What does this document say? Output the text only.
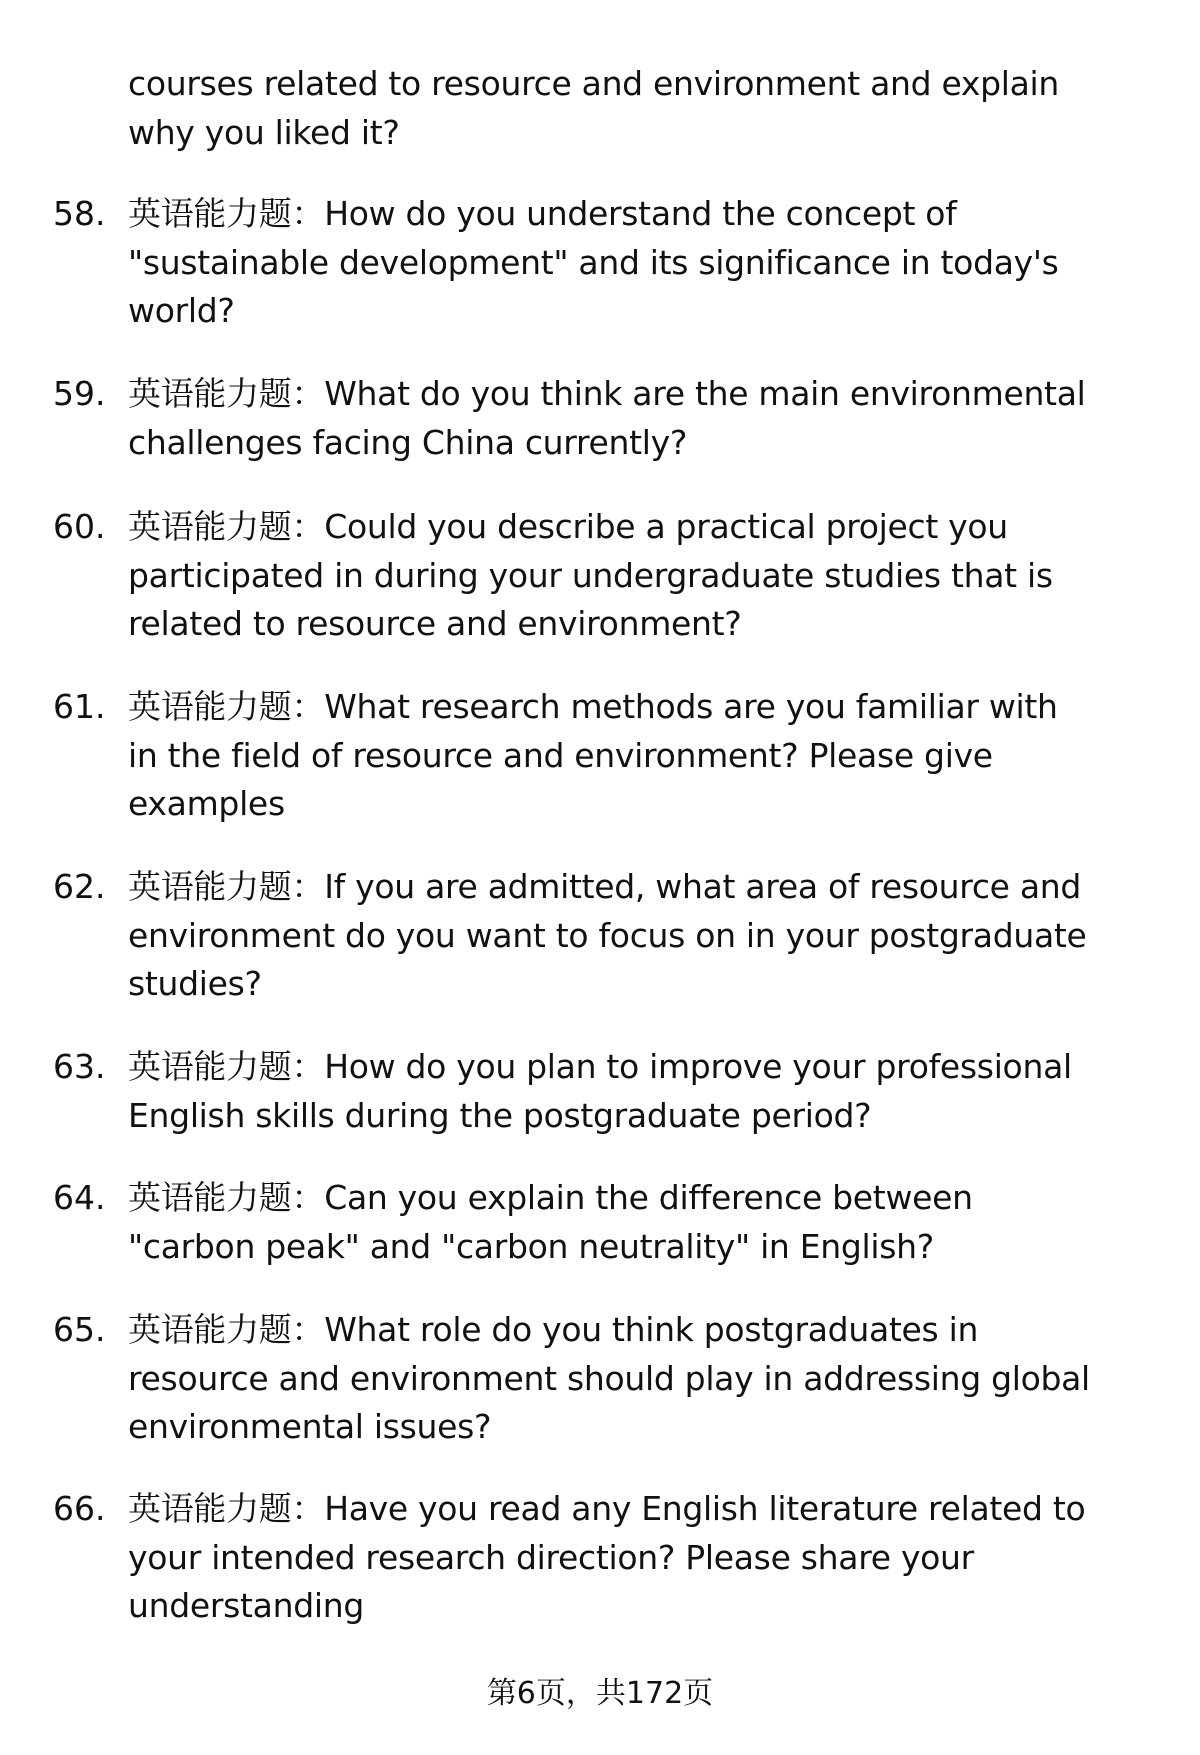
courses related to resource and environment and explain
why you liked it?
58. 英语能力题：How do you understand the concept of
"sustainable development" and its significance in today's
world?
59. 英语能力题：What do you think are the main environmental
challenges facing China currently?
60. 英语能力题：Could you describe a practical project you
participated in during your undergraduate studies that is
related to resource and environment?
61. 英语能力题：What research methods are you familiar with
in the field of resource and environment? Please give
examples
62. 英语能力题：If you are admitted, what area of resource and
environment do you want to focus on in your postgraduate
studies?
63. 英语能力题：How do you plan to improve your professional
English skills during the postgraduate period?
64. 英语能力题：Can you explain the difference between
"carbon peak" and "carbon neutrality" in English?
65. 英语能力题：What role do you think postgraduates in
resource and environment should play in addressing global
environmental issues?
66. 英语能力题：Have you read any English literature related to
your intended research direction? Please share your
understanding
第6页，共172页
